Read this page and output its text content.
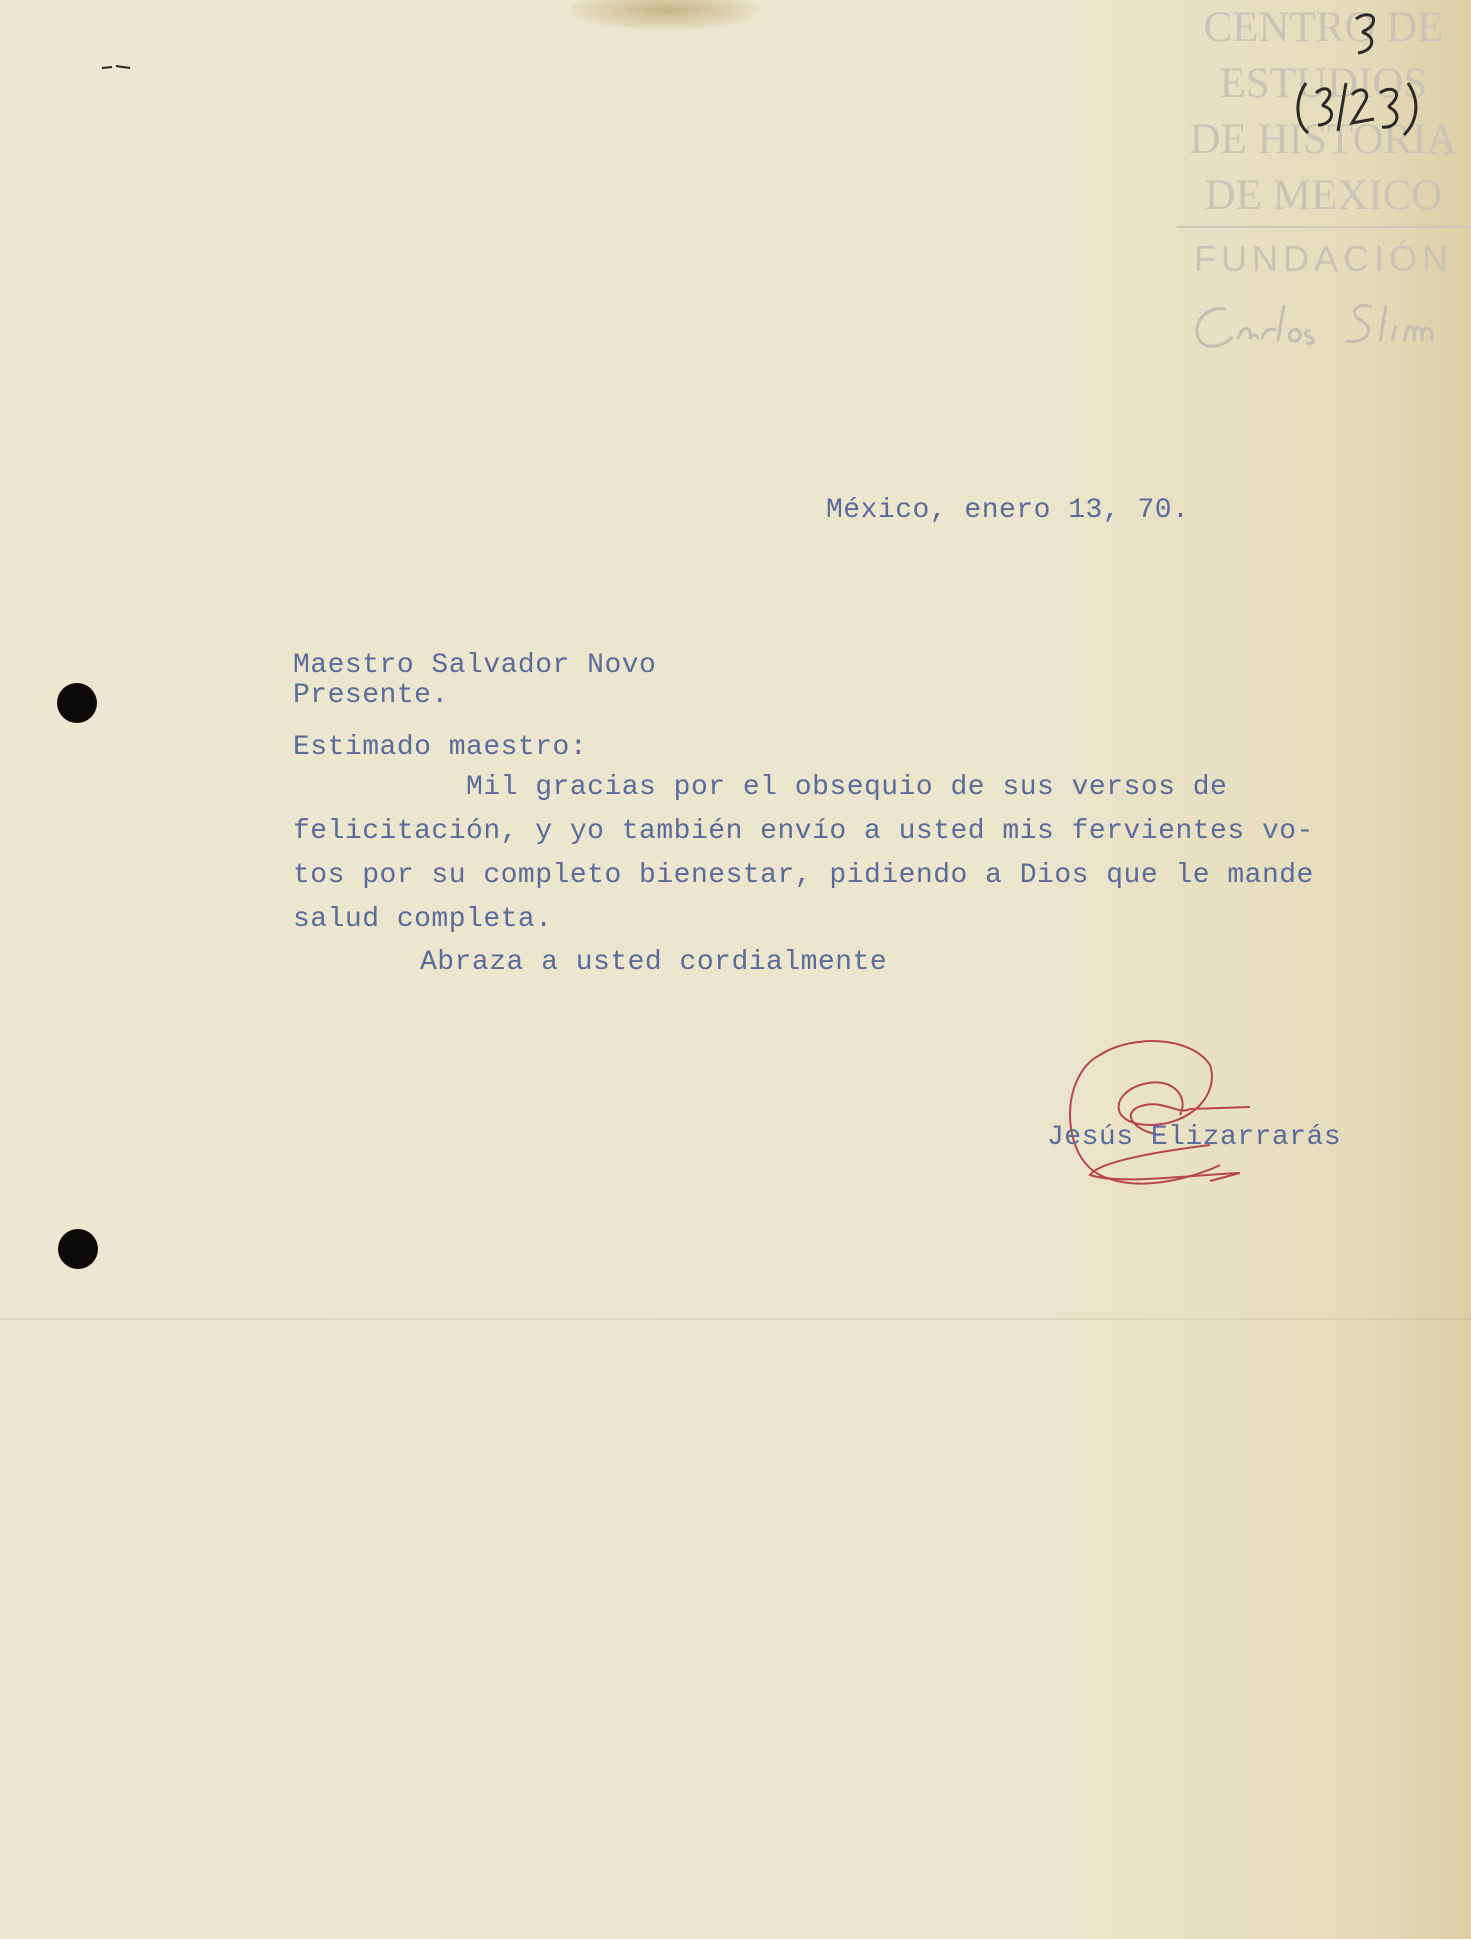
CENTRO DE
ESTUDIOS
DE HISTORIA
DE MEXICO
FUNDACIÓN
México, enero 13, 70.
Maestro Salvador Novo
Presente.
Estimado maestro:
Mil gracias por el obsequio de sus versos de
felicitación, y yo también envío a usted mis fervientes vo-
tos por su completo bienestar, pidiendo a Dios que le mande
salud completa.
Abraza a usted cordialmente
Jesús Elizarrarás
